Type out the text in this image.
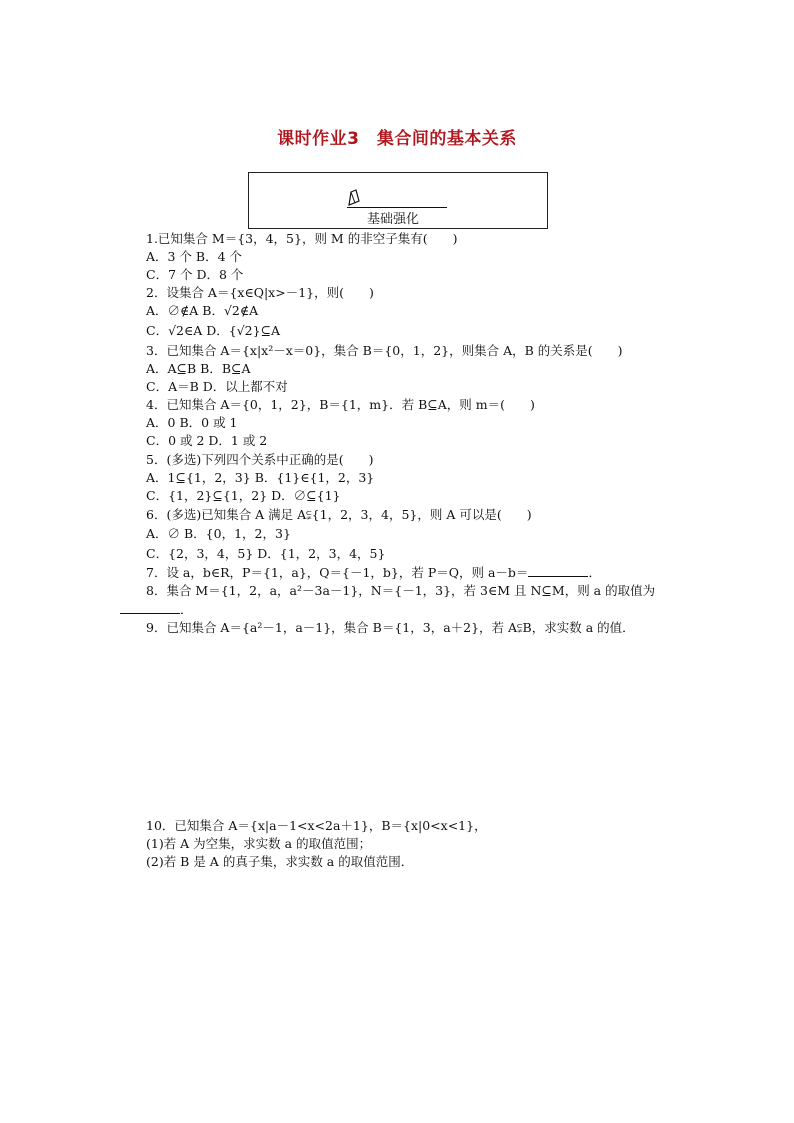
课时作业3　集合间的基本关系
基础强化
1.已知集合 M＝{3，4，5}，则 M 的非空子集有(　　)
A．3 个 B．4 个
C．7 个 D．8 个
2．设集合 A＝{x∈Q|x>－1}，则(　　)
A．∅∉A B．√2∉A
C．√2∈A D．{√2}⊆A
3．已知集合 A＝{x|x²－x＝0}，集合 B＝{0，1，2}，则集合 A，B 的关系是(　　)
A．A⊆B B．B⊆A
C．A＝B D．以上都不对
4．已知集合 A＝{0，1，2}，B＝{1，m}．若 B⊆A，则 m＝(　　)
A．0 B．0 或 1
C．0 或 2 D．1 或 2
5．(多选)下列四个关系中正确的是(　　)
A．1⊆{1，2，3} B．{1}∈{1，2，3}
C．{1，2}⊆{1，2} D．∅⊆{1}
6．(多选)已知集合 A 满足 A⫋{1，2，3，4，5}，则 A 可以是(　　)
A．∅ B．{0，1，2，3}
C．{2，3，4，5} D．{1，2，3，4，5}
7．设 a，b∈R，P＝{1，a}，Q＝{－1，b}，若 P＝Q，则 a－b＝	．
8．集合 M＝{1，2，a，a²－3a－1}，N＝{－1，3}，若 3∈M 且 N⊆M，则 a 的取值为
．
9．已知集合 A＝{a²－1，a－1}，集合 B＝{1，3，a＋2}，若 A⫋B，求实数 a 的值．
10．已知集合 A＝{x|a－1<x<2a＋1}，B＝{x|0<x<1}，
(1)若 A 为空集，求实数 a 的取值范围；
(2)若 B 是 A 的真子集，求实数 a 的取值范围．
